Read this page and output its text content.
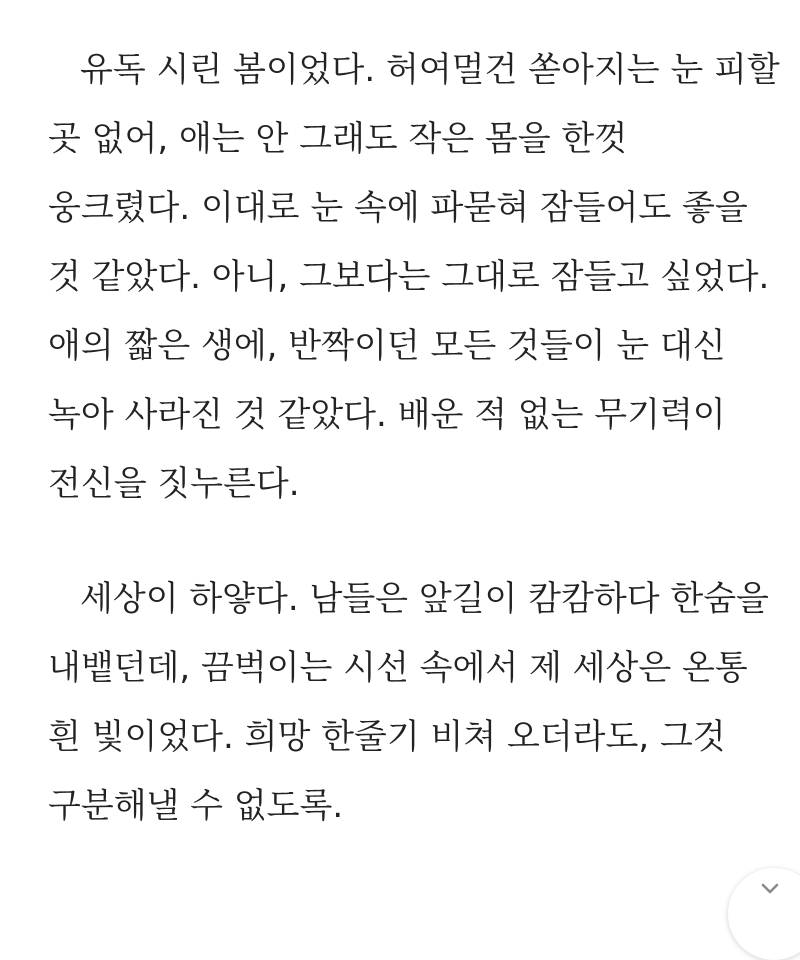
유독 시린 봄이었다. 허여멀건 쏟아지는 눈 피할
곳 없어, 애는 안 그래도 작은 몸을 한껏
웅크렸다. 이대로 눈 속에 파묻혀 잠들어도 좋을
것 같았다. 아니, 그보다는 그대로 잠들고 싶었다.
애의 짧은 생에, 반짝이던 모든 것들이 눈 대신
녹아 사라진 것 같았다. 배운 적 없는 무기력이
전신을 짓누른다.
세상이 하얗다. 남들은 앞길이 캄캄하다 한숨을
내뱉던데, 끔벅이는 시선 속에서 제 세상은 온통
흰 빛이었다. 희망 한줄기 비쳐 오더라도, 그것
구분해낼 수 없도록.
